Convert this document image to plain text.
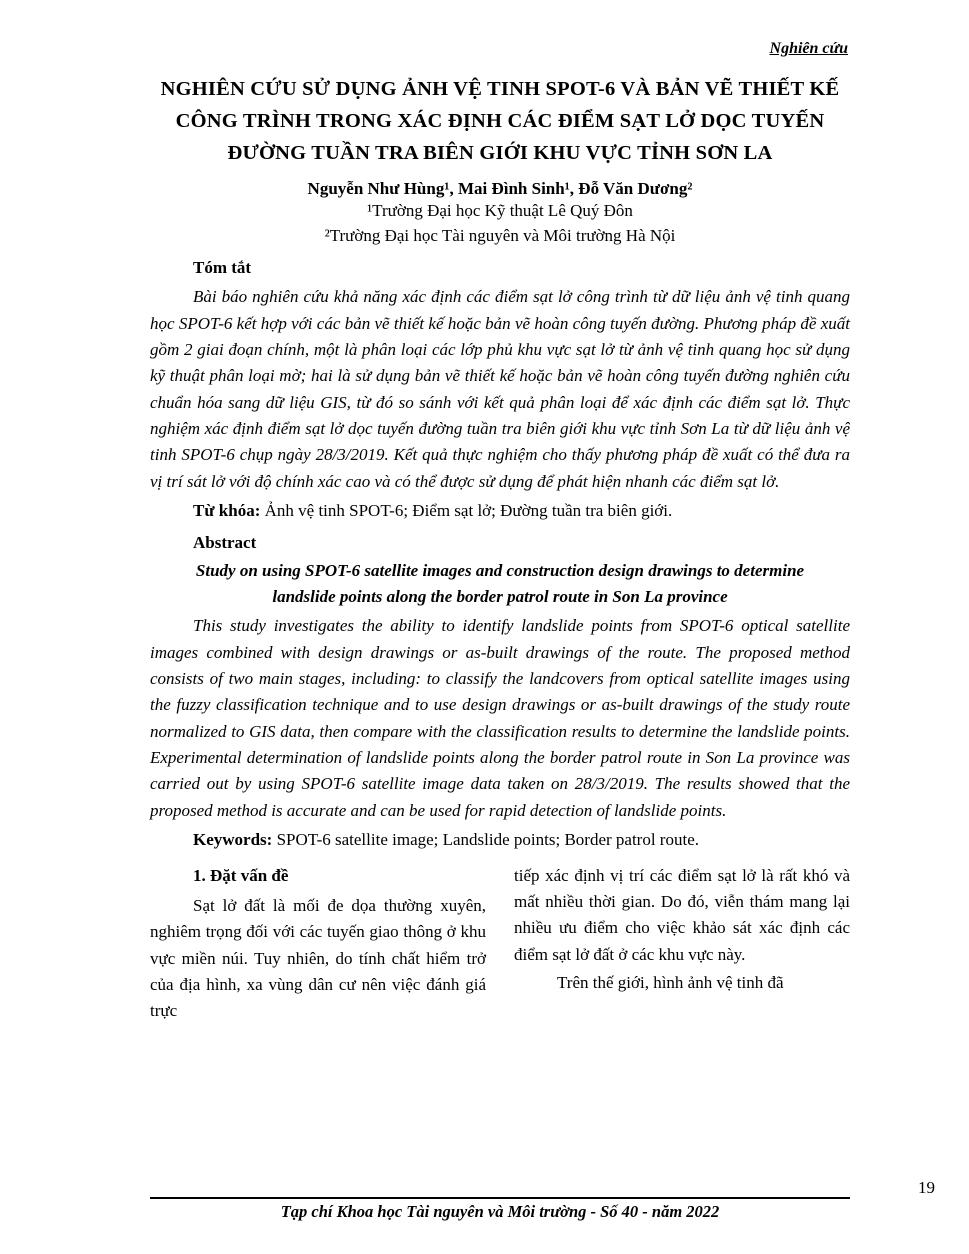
Nghiên cứu
NGHIÊN CỨU SỬ DỤNG ẢNH VỆ TINH SPOT-6 VÀ BẢN VẼ THIẾT KẾ CÔNG TRÌNH TRONG XÁC ĐỊNH CÁC ĐIỂM SẠT LỞ DỌC TUYẾN ĐƯỜNG TUẦN TRA BIÊN GIỚI KHU VỰC TỈNH SƠN LA
Nguyễn Như Hùng¹, Mai Đình Sinh¹, Đỗ Văn Dương²
¹Trường Đại học Kỹ thuật Lê Quý Đôn
²Trường Đại học Tài nguyên và Môi trường Hà Nội
Tóm tắt

Bài báo nghiên cứu khả năng xác định các điểm sạt lở công trình từ dữ liệu ảnh vệ tinh quang học SPOT-6 kết hợp với các bản vẽ thiết kế hoặc bản vẽ hoàn công tuyến đường. Phương pháp đề xuất gồm 2 giai đoạn chính, một là phân loại các lớp phủ khu vực sạt lở từ ảnh vệ tinh quang học sử dụng kỹ thuật phân loại mờ; hai là sử dụng bản vẽ thiết kế hoặc bản vẽ hoàn công tuyến đường nghiên cứu chuẩn hóa sang dữ liệu GIS, từ đó so sánh với kết quả phân loại để xác định các điểm sạt lở. Thực nghiệm xác định điểm sạt lở dọc tuyến đường tuần tra biên giới khu vực tỉnh Sơn La từ dữ liệu ảnh vệ tinh SPOT-6 chụp ngày 28/3/2019. Kết quả thực nghiệm cho thấy phương pháp đề xuất có thể đưa ra vị trí sát lở với độ chính xác cao và có thể được sử dụng để phát hiện nhanh các điểm sạt lở.

Từ khóa: Ảnh vệ tinh SPOT-6; Điểm sạt lở; Đường tuần tra biên giới.

Abstract
Study on using SPOT-6 satellite images and construction design drawings to determine landslide points along the border patrol route in Son La province

This study investigates the ability to identify landslide points from SPOT-6 optical satellite images combined with design drawings or as-built drawings of the route. The proposed method consists of two main stages, including: to classify the landcovers from optical satellite images using the fuzzy classification technique and to use design drawings or as-built drawings of the study route normalized to GIS data, then compare with the classification results to determine the landslide points. Experimental determination of landslide points along the border patrol route in Son La province was carried out by using SPOT-6 satellite image data taken on 28/3/2019. The results showed that the proposed method is accurate and can be used for rapid detection of landslide points.

Keywords: SPOT-6 satellite image; Landslide points; Border patrol route.

1. Đặt vấn đề

Sạt lở đất là mối đe dọa thường xuyên, nghiêm trọng đối với các tuyến giao thông ở khu vực miền núi. Tuy nhiên, do tính chất hiểm trở của địa hình, xa vùng dân cư nên việc đánh giá trực

tiếp xác định vị trí các điểm sạt lở là rất khó và mất nhiều thời gian. Do đó, viễn thám mang lại nhiều ưu điểm cho việc khảo sát xác định các điểm sạt lở đất ở các khu vực này.

Trên thế giới, hình ảnh vệ tinh đã

Tạp chí Khoa học Tài nguyên và Môi trường - Số 40 - năm 2022
19
